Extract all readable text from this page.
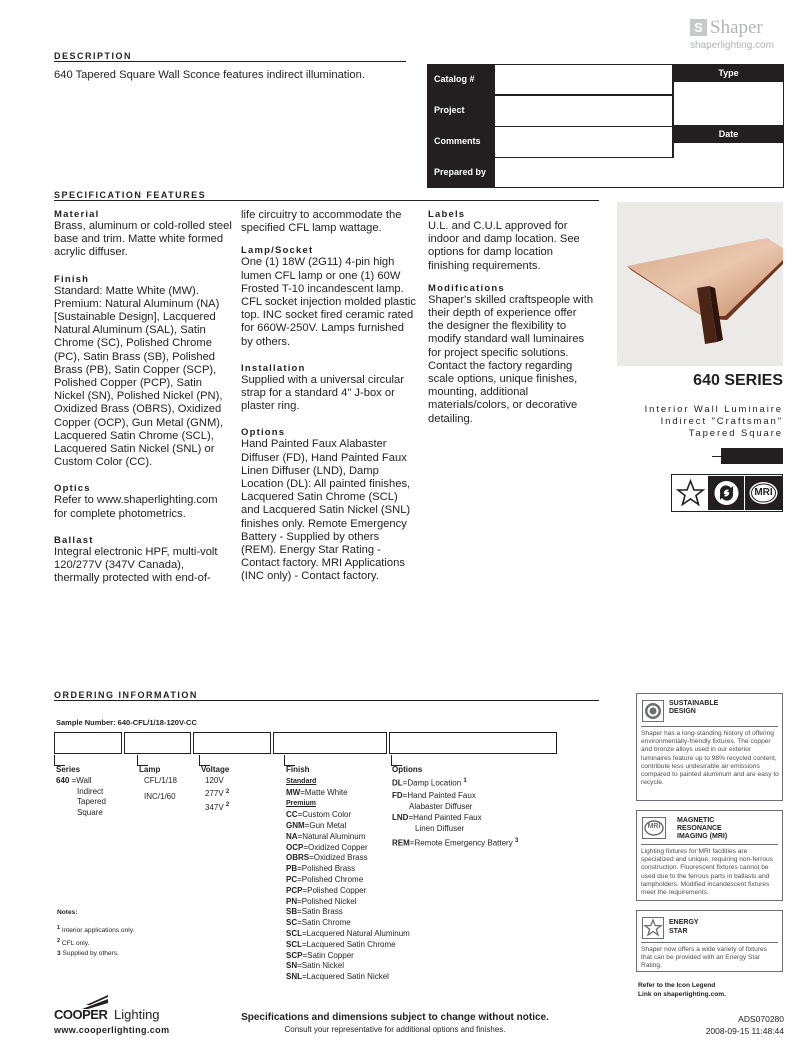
S Shaper
shaperlighting.com
DESCRIPTION
640 Tapered Square Wall Sconce features indirect illumination.	Catalog #
Project
Comments
Prepared by
Type
Date
SPECIFICATION FEATURES
Material

Brass, aluminum or cold-rolled steel base and trim. Matte white formed acrylic diffuser.

Finish

Standard: Matte White (MW). Premium: Natural Aluminum (NA) [Sustainable Design], Lacquered Natural Aluminum (SAL), Satin Chrome (SC), Polished Chrome (PC), Satin Brass (SB), Polished Brass (PB), Satin Copper (SCP), Polished Copper (PCP), Satin Nickel (SN), Polished Nickel (PN), Oxidized Brass (OBRS), Oxidized Copper (OCP), Gun Metal (GNM), Lacquered Satin Chrome (SCL), Lacquered Satin Nickel (SNL) or Custom Color (CC).

Optics

Refer to www.shaperlighting.com for complete photometrics.

Ballast

Integral electronic HPF, multi-volt 120/277V (347V Canada), thermally protected with end-of-

life circuitry to accommodate the specified CFL lamp wattage.

Lamp/Socket

One (1) 18W (2G11) 4-pin high lumen CFL lamp or one (1) 60W Frosted T-10 incandescent lamp. CFL socket injection molded plastic top. INC socket fired ceramic rated for 660W-250V. Lamps furnished by others.

Installation

Supplied with a universal circular strap for a standard 4" J-box or plaster ring.

Options

Hand Painted Faux Alabaster Diffuser (FD), Hand Painted Faux Linen Diffuser (LND), Damp Location (DL): All painted finishes, Lacquered Satin Chrome (SCL) and Lacquered Satin Nickel (SNL) finishes only. Remote Emergency Battery - Supplied by others (REM). Energy Star Rating - Contact factory. MRI Applications (INC only) - Contact factory.

Labels

U.L. and C.U.L approved for indoor and damp location. See options for damp location finishing requirements.

Modifications

Shaper's skilled craftspeople with their depth of experience offer the designer the flexibility to modify standard wall luminaires for project specific solutions. Contact the factory regarding scale options, unique finishes, mounting, additional materials/colors, or decorative detailing.

640 SERIES
Interior Wall Luminaire
Indirect "Craftsman"
Tapered Square
MRI
ORDERING INFORMATION
Sample Number: 640-CFL/1/18-120V-CC
Series
640 =Wall
Indirect
Tapered
Square
Lamp
CFL/1/18

INC/1/60
Voltage
120V
277V $^2$
347V $^2$
Finish
Standard

MW=Matte White
Premium

CC=Custom Color
GNM=Gun Metal
NA=Natural Aluminum
OCP=Oxidized Copper
OBRS=Oxidized Brass
PB=Polished Brass
PC=Polished Chrome
PCP=Polished Copper
PN=Polished Nickel
SB=Satin Brass
SC=Satin Chrome
SCL=Lacquered Natural Aluminum
SCL=Lacquered Satin Chrome
SCP=Satin Copper
SN=Satin Nickel
SNL=Lacquered Satin Nickel
Options
DL=Damp Location $^1$

FD=Hand Painted Faux
Alabaster Diffuser
LND=Hand Painted Faux
Linen Diffuser

REM=Remote Emergency Battery $^3$
Notes:
$^1$ Interior applications only.
$^2$ CFL only.
3 Supplied by others.
SUSTAINABLE
DESIGN
Shaper has a long-standing history of offering environmentally-friendly fixtures. The copper and bronze alloys used in our exterior luminaires feature up to 98% recycled content, contribute less undesirable air emissions compared to painted aluminum and are easy to recycle.
MRI
MAGNETIC
RESONANCE
IMAGING (MRI)
Lighting fixtures for MRI facilities are specialized and unique, requiring non-ferrous construction. Fluorescent fixtures cannot be used due to the ferrous parts in ballasts and lampholders. Modified incandescent fixtures meet the requirements.
ENERGY
STAR
Shaper now offers a wide variety of fixtures that can be provided with an Energy Star Rating.
Refer to the Icon Legend
Link on shaperlighting.com.
COOPER Lighting
www.cooperlighting.com
Specifications and dimensions subject to change without notice.
Consult your representative for additional options and finishes.
ADS070280
2008-09-15 11:48:44
